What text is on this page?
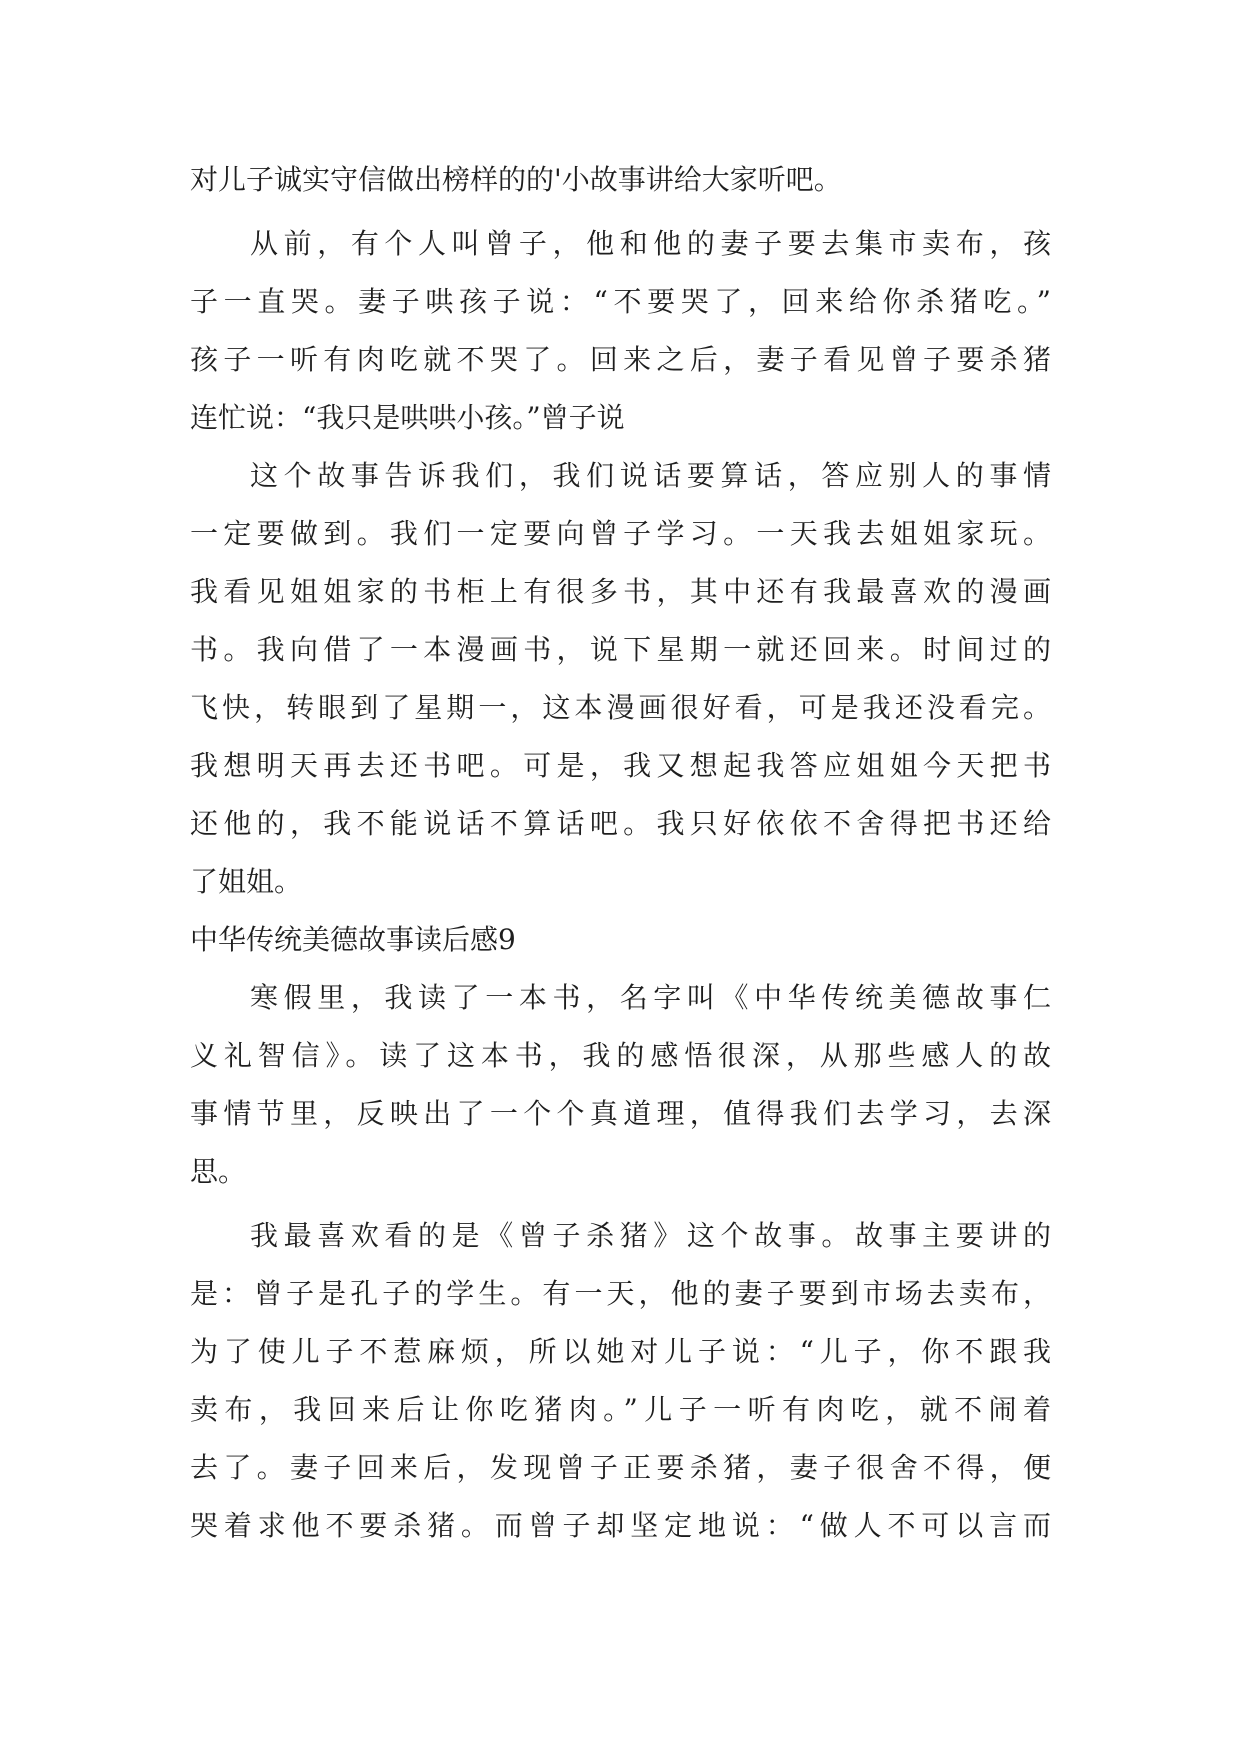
对儿子诚实守信做出榜样的的'小故事讲给大家听吧。
从前，有个人叫曾子，他和他的妻子要去集市卖布，孩
子一直哭。妻子哄孩子说：“不要哭了，回来给你杀猪吃。”
孩子一听有肉吃就不哭了。回来之后，妻子看见曾子要杀猪
连忙说：“我只是哄哄小孩。”曾子说
这个故事告诉我们，我们说话要算话，答应别人的事情
一定要做到。我们一定要向曾子学习。一天我去姐姐家玩。
我看见姐姐家的书柜上有很多书，其中还有我最喜欢的漫画
书。我向借了一本漫画书，说下星期一就还回来。时间过的
飞快，转眼到了星期一，这本漫画很好看，可是我还没看完。
我想明天再去还书吧。可是，我又想起我答应姐姐今天把书
还他的，我不能说话不算话吧。我只好依依不舍得把书还给
了姐姐。
中华传统美德故事读后感9
寒假里，我读了一本书，名字叫《中华传统美德故事仁
义礼智信》。读了这本书，我的感悟很深，从那些感人的故
事情节里，反映出了一个个真道理，值得我们去学习，去深
思。
我最喜欢看的是《曾子杀猪》这个故事。故事主要讲的
是：曾子是孔子的学生。有一天，他的妻子要到市场去卖布，
为了使儿子不惹麻烦，所以她对儿子说：“儿子，你不跟我
卖布，我回来后让你吃猪肉。”儿子一听有肉吃，就不闹着
去了。妻子回来后，发现曾子正要杀猪，妻子很舍不得，便
哭着求他不要杀猪。而曾子却坚定地说：“做人不可以言而
